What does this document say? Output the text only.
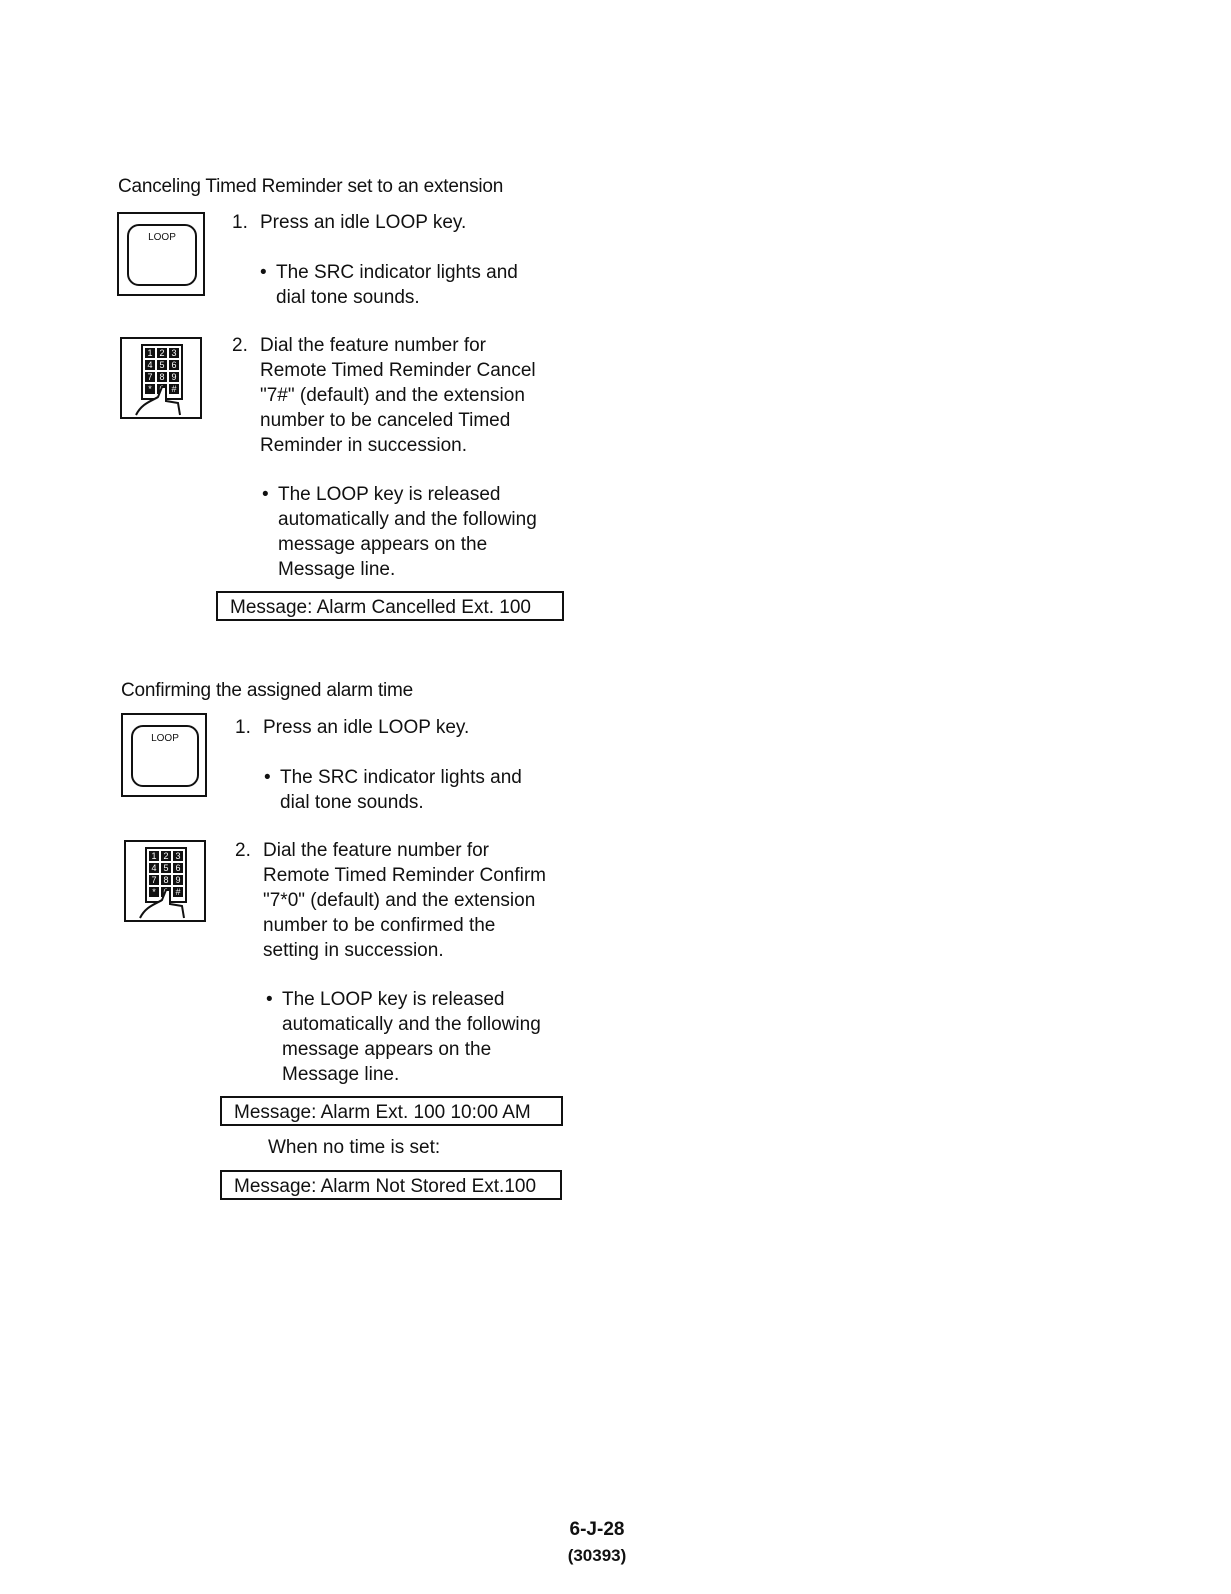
Canceling Timed Reminder set to an extension
LOOP
1. Press an idle LOOP key.
• The SRC indicator lights and
dial tone sounds.
1 2 3
4 5 6
7 8 9
* #
2. Dial the feature number for
Remote Timed Reminder Cancel
"7#" (default) and the extension
number to be canceled Timed
Reminder in succession.
• The LOOP key is released
automatically and the following
message appears on the
Message line.
Message: Alarm Cancelled Ext. 100
Confirming the assigned alarm time
LOOP
1. Press an idle LOOP key.
• The SRC indicator lights and
dial tone sounds.
1 2 3
4 5 6
7 8 9
* #
2. Dial the feature number for
Remote Timed Reminder Confirm
"7*0" (default) and the extension
number to be confirmed the
setting in succession.
• The LOOP key is released
automatically and the following
message appears on the
Message line.
Message: Alarm Ext. 100 10:00 AM
When no time is set:
Message: Alarm Not Stored Ext.100
6-J-28
(30393)
